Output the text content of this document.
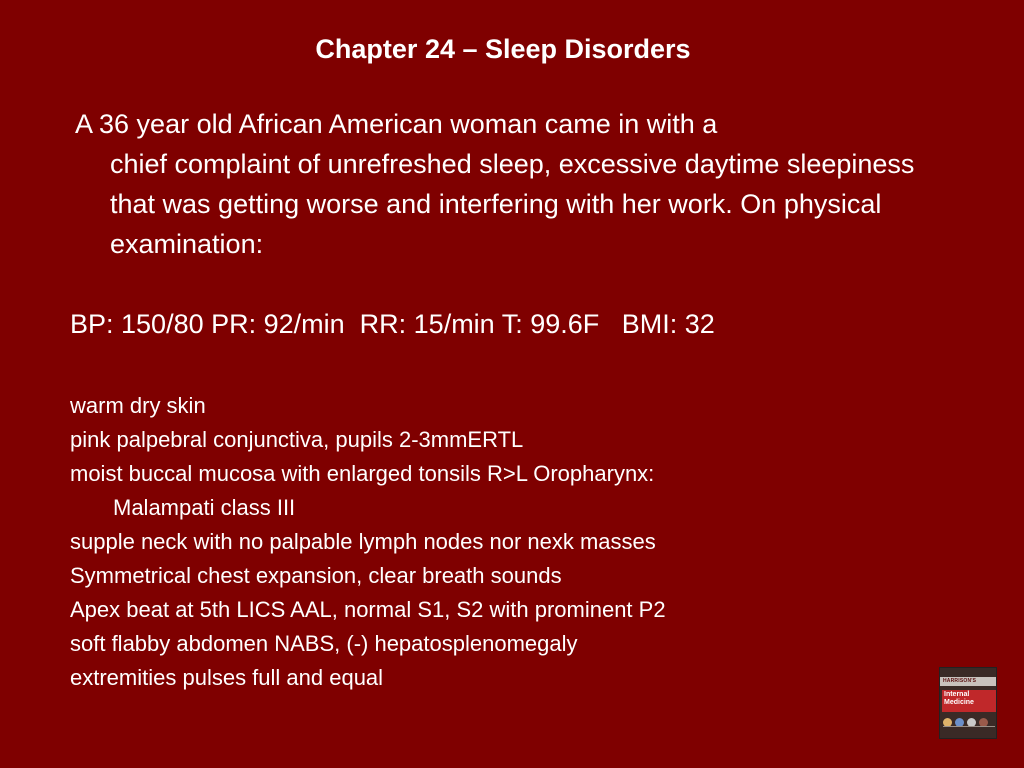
Chapter 24 – Sleep Disorders
A 36 year old African American woman came in with a
chief complaint of unrefreshed sleep, excessive daytime sleepiness that was getting worse and interfering with her work. On physical examination:
BP: 150/80 PR: 92/min  RR: 15/min T: 99.6F   BMI: 32
warm dry skin
pink palpebral conjunctiva, pupils 2-3mmERTL
moist buccal mucosa with enlarged tonsils R>L Oropharynx:
Malampati class III
supple neck with no palpable lymph nodes nor nexk masses
Symmetrical chest expansion, clear breath sounds
Apex beat at 5th LICS AAL, normal S1, S2 with prominent P2
soft flabby abdomen NABS, (-) hepatosplenomegaly
extremities pulses full and equal	HARRISON'S
Internal
Medicine
